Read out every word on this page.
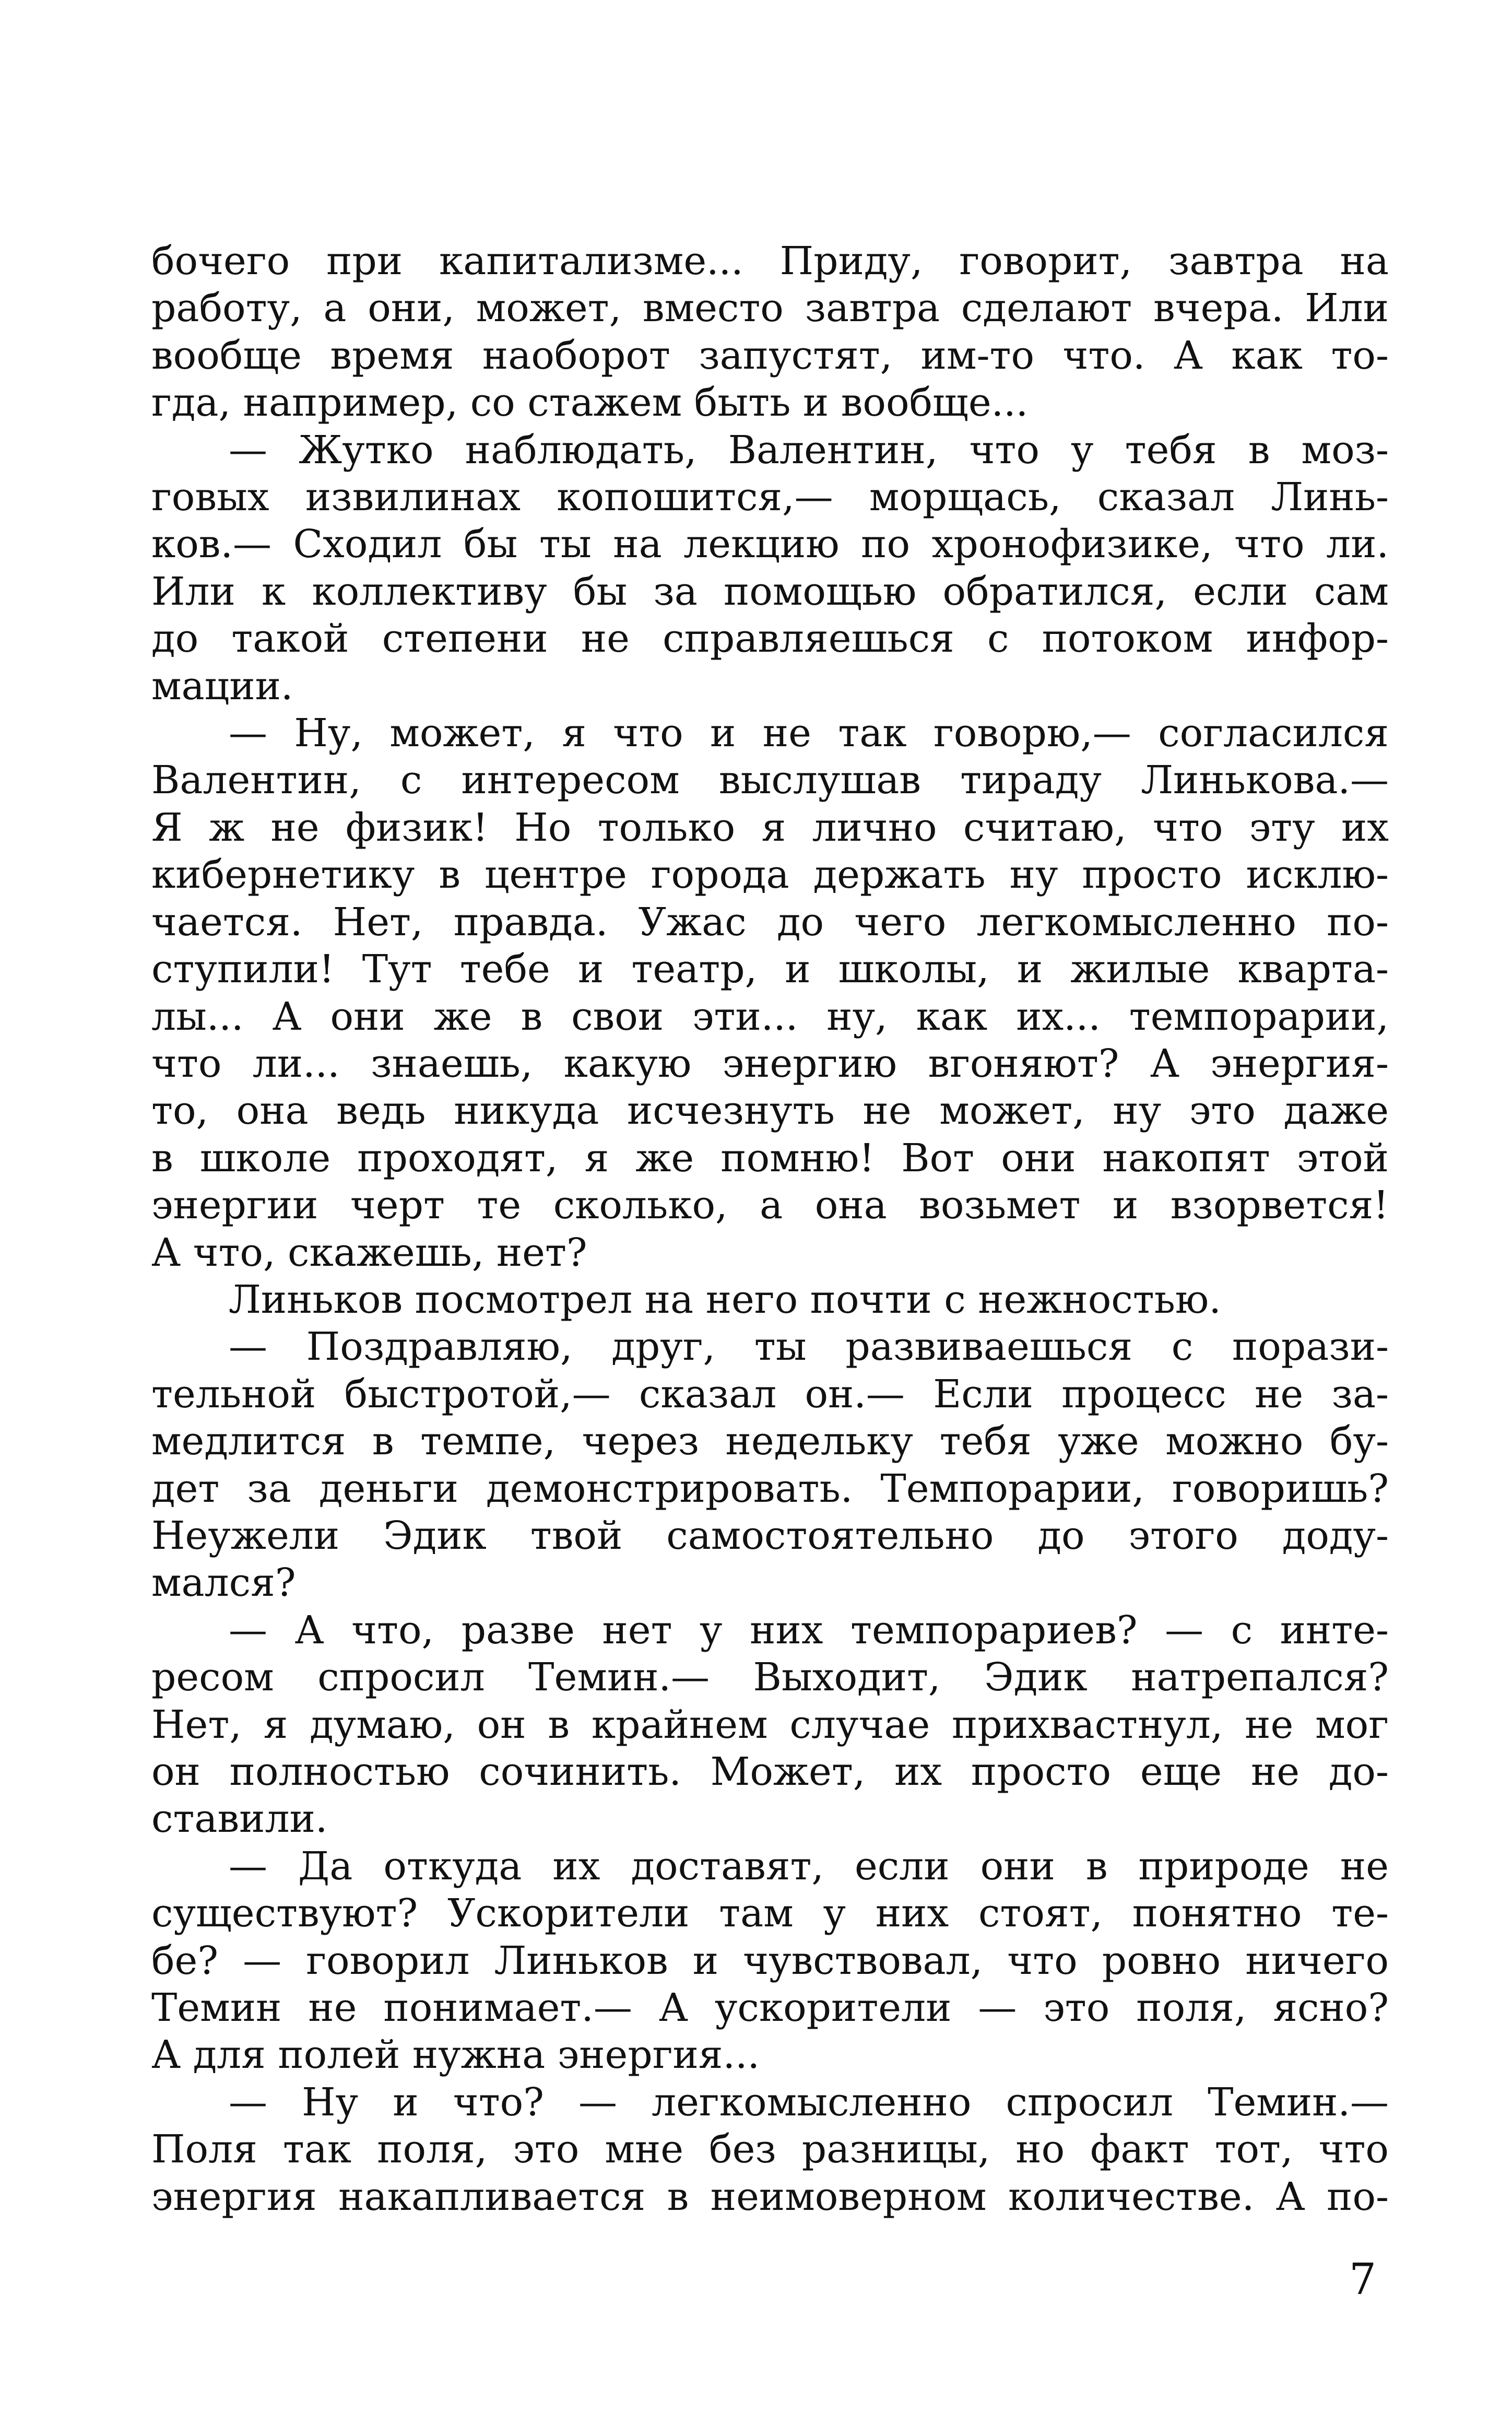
бочего при капитализме... Приду, говорит, завтра на
работу, а они, может, вместо завтра сделают вчера. Или
вообще время наоборот запустят, им-то что. А как то-
гда, например, со стажем быть и вообще...
— Жутко наблюдать, Валентин, что у тебя в моз-
говых извилинах копошится,— морщась, сказал Линь-
ков.— Сходил бы ты на лекцию по хронофизике, что ли.
Или к коллективу бы за помощью обратился, если сам
до такой степени не справляешься с потоком инфор-
мации.
— Ну, может, я что и не так говорю,— согласился
Валентин, с интересом выслушав тираду Линькова.—
Я ж не физик! Но только я лично считаю, что эту их
кибернетику в центре города держать ну просто исклю-
чается. Нет, правда. Ужас до чего легкомысленно по-
ступили! Тут тебе и театр, и школы, и жилые кварта-
лы... А они же в свои эти... ну, как их... темпорарии,
что ли... знаешь, какую энергию вгоняют? А энергия-
то, она ведь никуда исчезнуть не может, ну это даже
в школе проходят, я же помню! Вот они накопят этой
энергии черт те сколько, а она возьмет и взорвется!
А что, скажешь, нет?
Линьков посмотрел на него почти с нежностью.
— Поздравляю, друг, ты развиваешься с порази-
тельной быстротой,— сказал он.— Если процесс не за-
медлится в темпе, через недельку тебя уже можно бу-
дет за деньги демонстрировать. Темпорарии, говоришь?
Неужели Эдик твой самостоятельно до этого доду-
мался?
— А что, разве нет у них темпорариев? — с инте-
ресом спросил Темин.— Выходит, Эдик натрепался?
Нет, я думаю, он в крайнем случае прихвастнул, не мог
он полностью сочинить. Может, их просто еще не до-
ставили.
— Да откуда их доставят, если они в природе не
существуют? Ускорители там у них стоят, понятно те-
бе? — говорил Линьков и чувствовал, что ровно ничего
Темин не понимает.— А ускорители — это поля, ясно?
А для полей нужна энергия...
— Ну и что? — легкомысленно спросил Темин.—
Поля так поля, это мне без разницы, но факт тот, что
энергия накапливается в неимоверном количестве. А по-
7
